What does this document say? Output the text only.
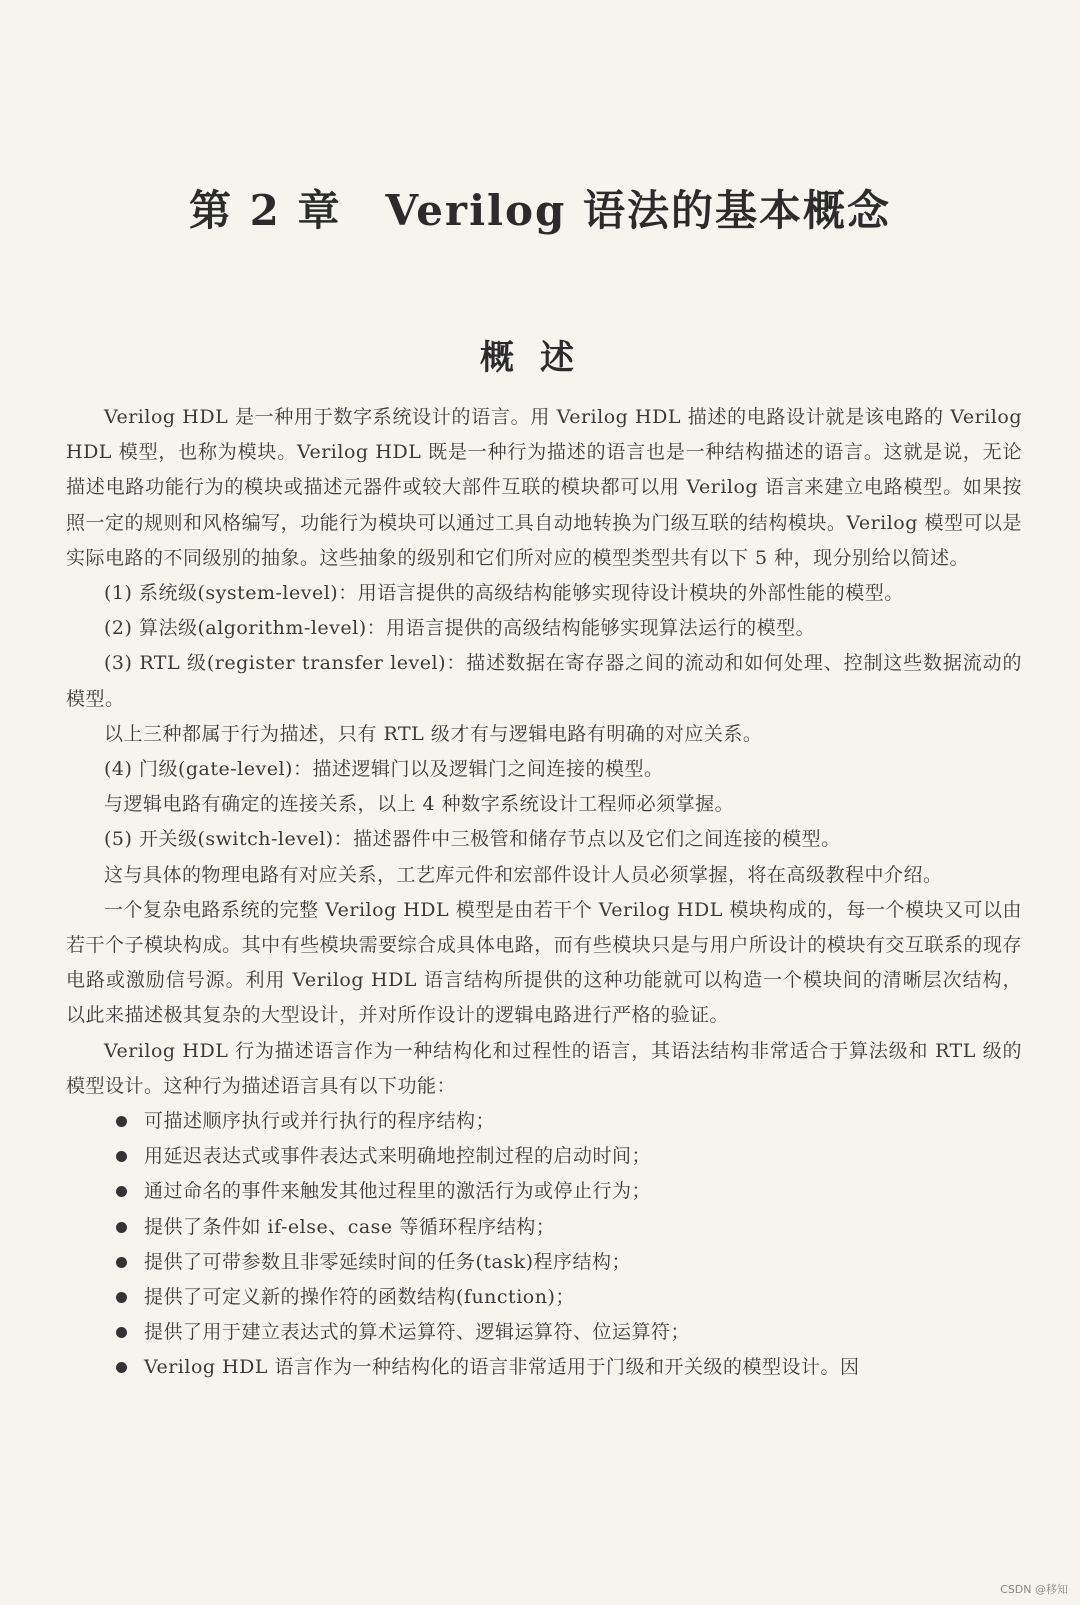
第 2 章　Verilog 语法的基本概念
概述

Verilog HDL 是一种用于数字系统设计的语言。用 Verilog HDL 描述的电路设计就是该电路的 Verilog HDL 模型，也称为模块。Verilog HDL 既是一种行为描述的语言也是一种结构描述的语言。这就是说，无论描述电路功能行为的模块或描述元器件或较大部件互联的模块都可以用 Verilog 语言来建立电路模型。如果按照一定的规则和风格编写，功能行为模块可以通过工具自动地转换为门级互联的结构模块。Verilog 模型可以是实际电路的不同级别的抽象。这些抽象的级别和它们所对应的模型类型共有以下 5 种，现分别给以简述。

(1) 系统级(system-level)：用语言提供的高级结构能够实现待设计模块的外部性能的模型。

(2) 算法级(algorithm-level)：用语言提供的高级结构能够实现算法运行的模型。

(3) RTL 级(register transfer level)：描述数据在寄存器之间的流动和如何处理、控制这些数据流动的模型。

以上三种都属于行为描述，只有 RTL 级才有与逻辑电路有明确的对应关系。

(4) 门级(gate-level)：描述逻辑门以及逻辑门之间连接的模型。

与逻辑电路有确定的连接关系，以上 4 种数字系统设计工程师必须掌握。

(5) 开关级(switch-level)：描述器件中三极管和储存节点以及它们之间连接的模型。

这与具体的物理电路有对应关系，工艺库元件和宏部件设计人员必须掌握，将在高级教程中介绍。

一个复杂电路系统的完整 Verilog HDL 模型是由若干个 Verilog HDL 模块构成的，每一个模块又可以由若干个子模块构成。其中有些模块需要综合成具体电路，而有些模块只是与用户所设计的模块有交互联系的现存电路或激励信号源。利用 Verilog HDL 语言结构所提供的这种功能就可以构造一个模块间的清晰层次结构，以此来描述极其复杂的大型设计，并对所作设计的逻辑电路进行严格的验证。

Verilog HDL 行为描述语言作为一种结构化和过程性的语言，其语法结构非常适合于算法级和 RTL 级的模型设计。这种行为描述语言具有以下功能：

可描述顺序执行或并行执行的程序结构；
用延迟表达式或事件表达式来明确地控制过程的启动时间；
通过命名的事件来触发其他过程里的激活行为或停止行为；
提供了条件如 if-else、case 等循环程序结构；
提供了可带参数且非零延续时间的任务(task)程序结构；
提供了可定义新的操作符的函数结构(function)；
提供了用于建立表达式的算术运算符、逻辑运算符、位运算符；
Verilog HDL 语言作为一种结构化的语言非常适用于门级和开关级的模型设计。因
CSDN @移知
